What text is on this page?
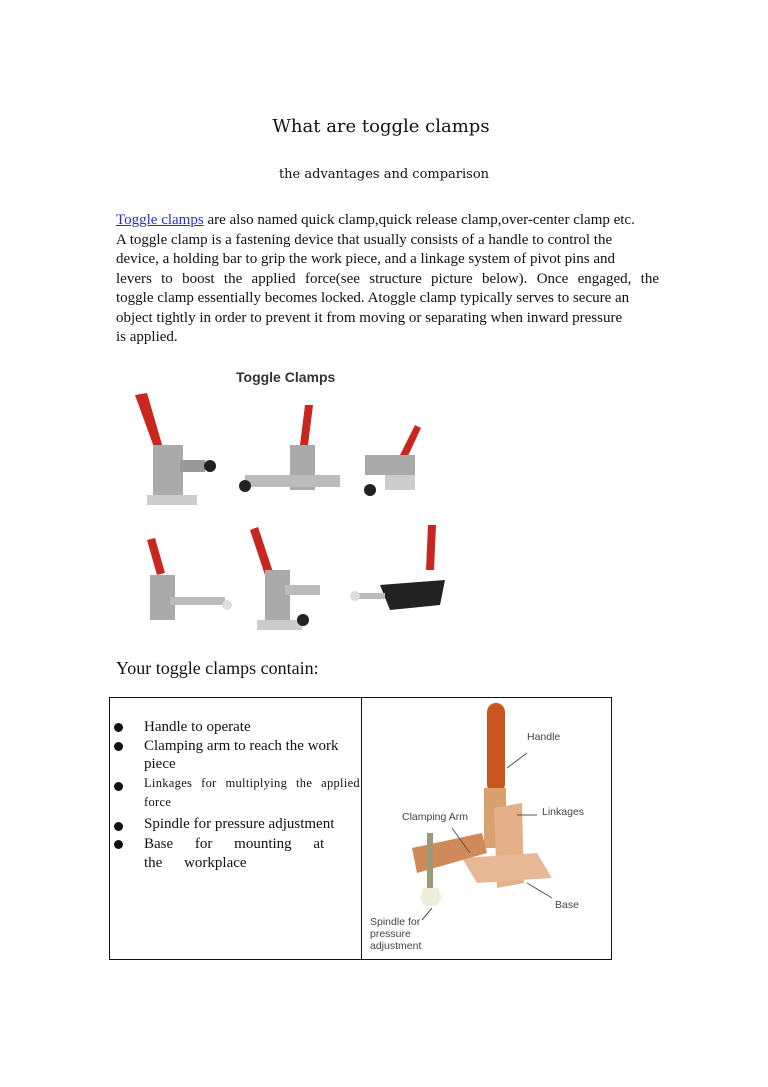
What are toggle clamps
the advantages and comparison
Toggle clamps are also named quick clamp,quick release clamp,over-center clamp etc.
A toggle clamp is a fastening device that usually consists of a handle to control the
device, a holding bar to grip the work piece, and a linkage system of pivot pins and
levers to boost the applied force(see structure picture below). Once engaged, the
toggle clamp essentially becomes locked. Atoggle clamp typically serves to secure an
object tightly in order to prevent it from moving or separating when inward pressure
is applied.
Toggle Clamps
Your toggle clamps contain:
Handle to operate
Clamping arm to reach the work piece
Linkages for multiplying the applied force
Spindle for pressure adjustment
Base for mounting at the workplace
Handle
Clamping Arm	Linkages
Base
Spindle for pressure adjustment
